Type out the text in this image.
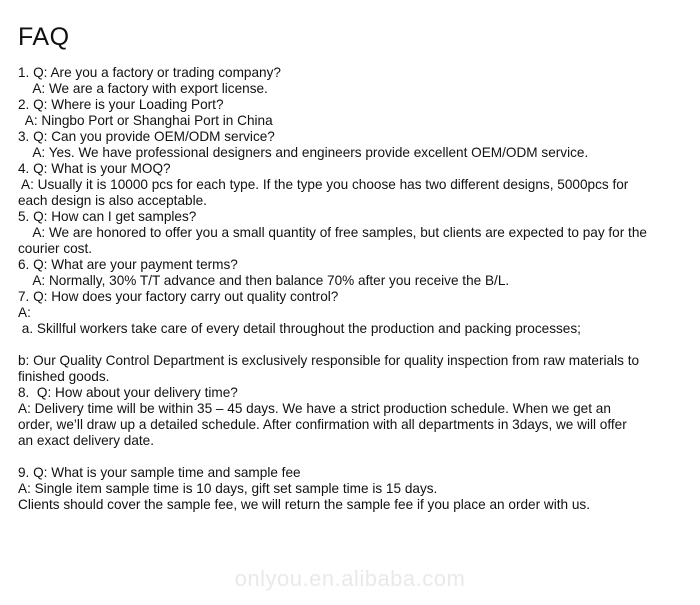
FAQ
1. Q: Are you a factory or trading company?
A: We are a factory with export license.
2. Q: Where is your Loading Port?
A: Ningbo Port or Shanghai Port in China
3. Q: Can you provide OEM/ODM service?
A: Yes. We have professional designers and engineers provide excellent OEM/ODM service.
4. Q: What is your MOQ?
A: Usually it is 10000 pcs for each type. If the type you choose has two different designs, 5000pcs for
each design is also acceptable.
5. Q: How can I get samples?
A: We are honored to offer you a small quantity of free samples, but clients are expected to pay for the
courier cost.
6. Q: What are your payment terms?
A: Normally, 30% T/T advance and then balance 70% after you receive the B/L.
7. Q: How does your factory carry out quality control?
A:
a. Skillful workers take care of every detail throughout the production and packing processes;
b: Our Quality Control Department is exclusively responsible for quality inspection from raw materials to
finished goods.
8.  Q: How about your delivery time?
A: Delivery time will be within 35 – 45 days. We have a strict production schedule. When we get an
order, we’ll draw up a detailed schedule. After confirmation with all departments in 3days, we will offer
an exact delivery date.
9. Q: What is your sample time and sample fee
A: Single item sample time is 10 days, gift set sample time is 15 days.
Clients should cover the sample fee, we will return the sample fee if you place an order with us.
onlyou.en.alibaba.com
